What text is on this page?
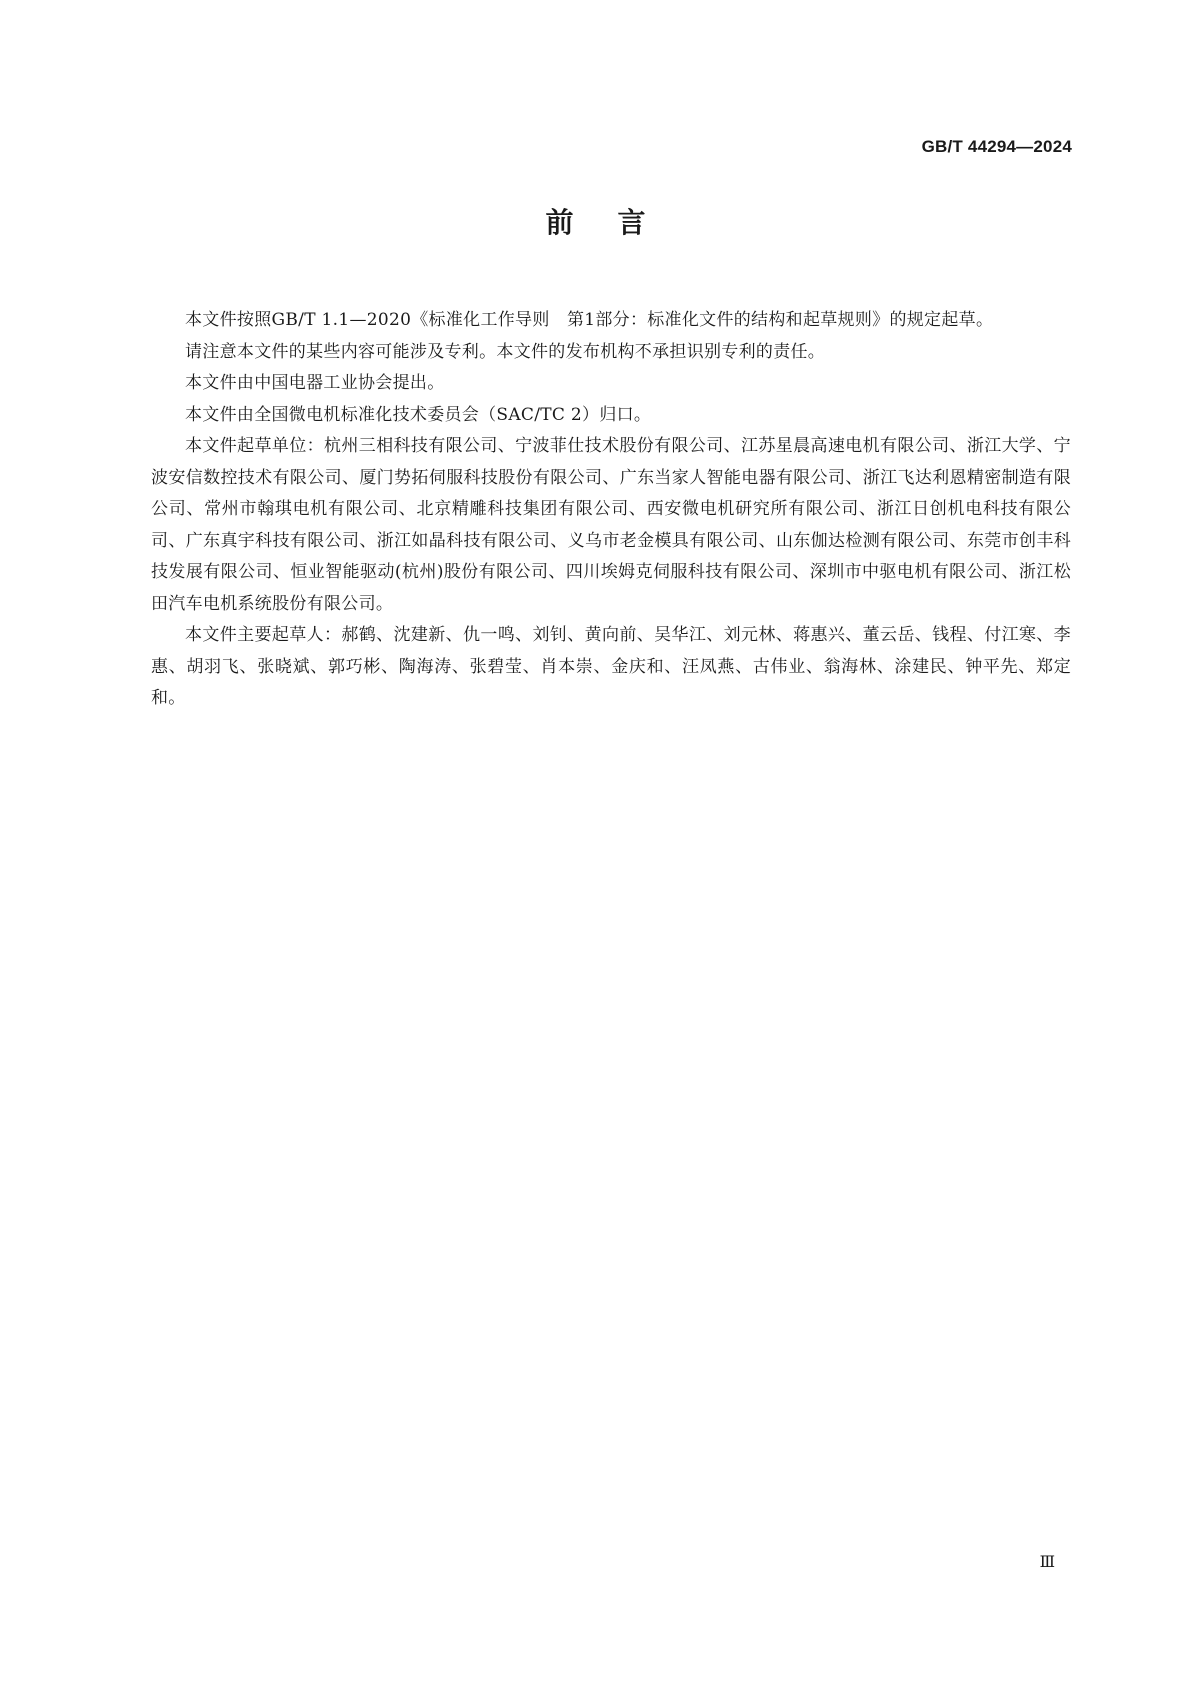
GB/T 44294—2024
前言

本文件按照GB/T 1.1—2020《标准化工作导则　第1部分：标准化文件的结构和起草规则》的规定起草。

请注意本文件的某些内容可能涉及专利。本文件的发布机构不承担识别专利的责任。

本文件由中国电器工业协会提出。

本文件由全国微电机标准化技术委员会（SAC/TC 2）归口。

本文件起草单位：杭州三相科技有限公司、宁波菲仕技术股份有限公司、江苏星晨高速电机有限公司、浙江大学、宁波安信数控技术有限公司、厦门势拓伺服科技股份有限公司、广东当家人智能电器有限公司、浙江飞达利恩精密制造有限公司、常州市翰琪电机有限公司、北京精雕科技集团有限公司、西安微电机研究所有限公司、浙江日创机电科技有限公司、广东真宇科技有限公司、浙江如晶科技有限公司、义乌市老金模具有限公司、山东伽达检测有限公司、东莞市创丰科技发展有限公司、恒业智能驱动(杭州)股份有限公司、四川埃姆克伺服科技有限公司、深圳市中驱电机有限公司、浙江松田汽车电机系统股份有限公司。

本文件主要起草人：郝鹤、沈建新、仇一鸣、刘钊、黄向前、吴华江、刘元林、蒋惠兴、董云岳、钱程、付江寒、李惠、胡羽飞、张晓斌、郭巧彬、陶海涛、张碧莹、肖本崇、金庆和、汪凤燕、古伟业、翁海林、涂建民、钟平先、郑定和。

Ⅲ
